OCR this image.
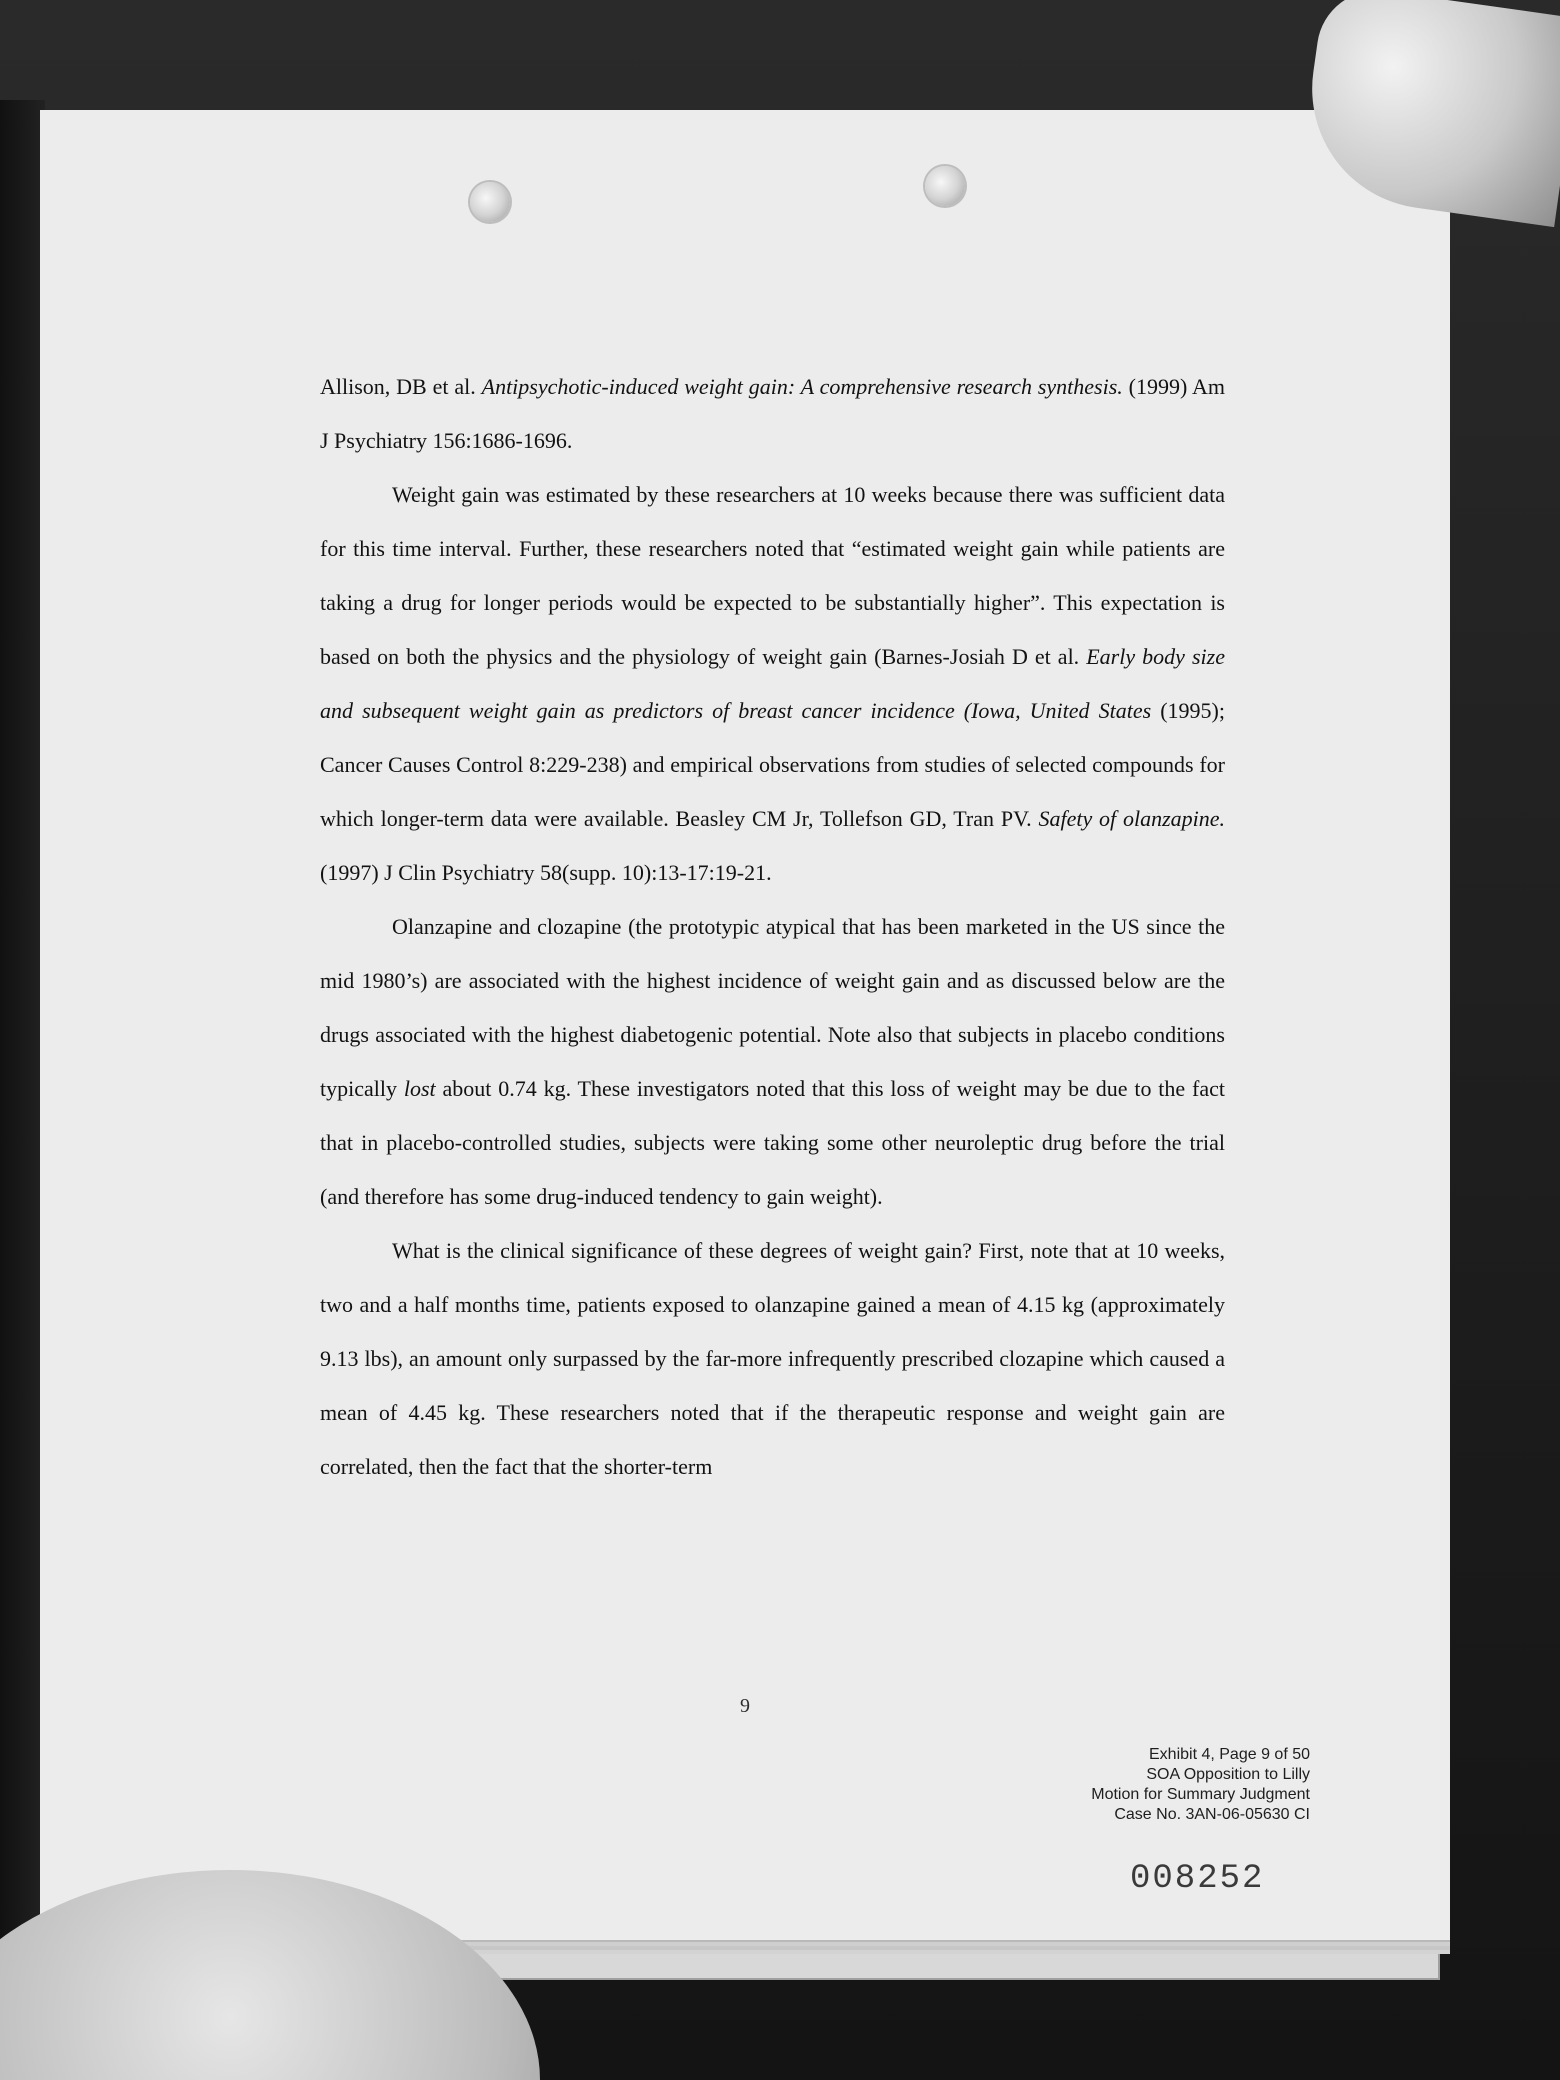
Allison, DB et al. Antipsychotic-induced weight gain: A comprehensive research synthesis. (1999) Am J Psychiatry 156:1686-1696.

Weight gain was estimated by these researchers at 10 weeks because there was sufficient data for this time interval. Further, these researchers noted that “estimated weight gain while patients are taking a drug for longer periods would be expected to be substantially higher”. This expectation is based on both the physics and the physiology of weight gain (Barnes-Josiah D et al. Early body size and subsequent weight gain as predictors of breast cancer incidence (Iowa, United States (1995); Cancer Causes Control 8:229-238) and empirical observations from studies of selected compounds for which longer-term data were available. Beasley CM Jr, Tollefson GD, Tran PV. Safety of olanzapine. (1997) J Clin Psychiatry 58(supp. 10):13-17:19-21.

Olanzapine and clozapine (the prototypic atypical that has been marketed in the US since the mid 1980’s) are associated with the highest incidence of weight gain and as discussed below are the drugs associated with the highest diabetogenic potential. Note also that subjects in placebo conditions typically lost about 0.74 kg. These investigators noted that this loss of weight may be due to the fact that in placebo-controlled studies, subjects were taking some other neuroleptic drug before the trial (and therefore has some drug-induced tendency to gain weight).

What is the clinical significance of these degrees of weight gain? First, note that at 10 weeks, two and a half months time, patients exposed to olanzapine gained a mean of 4.15 kg (approximately 9.13 lbs), an amount only surpassed by the far-more infrequently prescribed clozapine which caused a mean of 4.45 kg. These researchers noted that if the therapeutic response and weight gain are correlated, then the fact that the shorter-term

9
Exhibit 4, Page 9 of 50
SOA Opposition to Lilly
Motion for Summary Judgment
Case No. 3AN-06-05630 CI
008252
